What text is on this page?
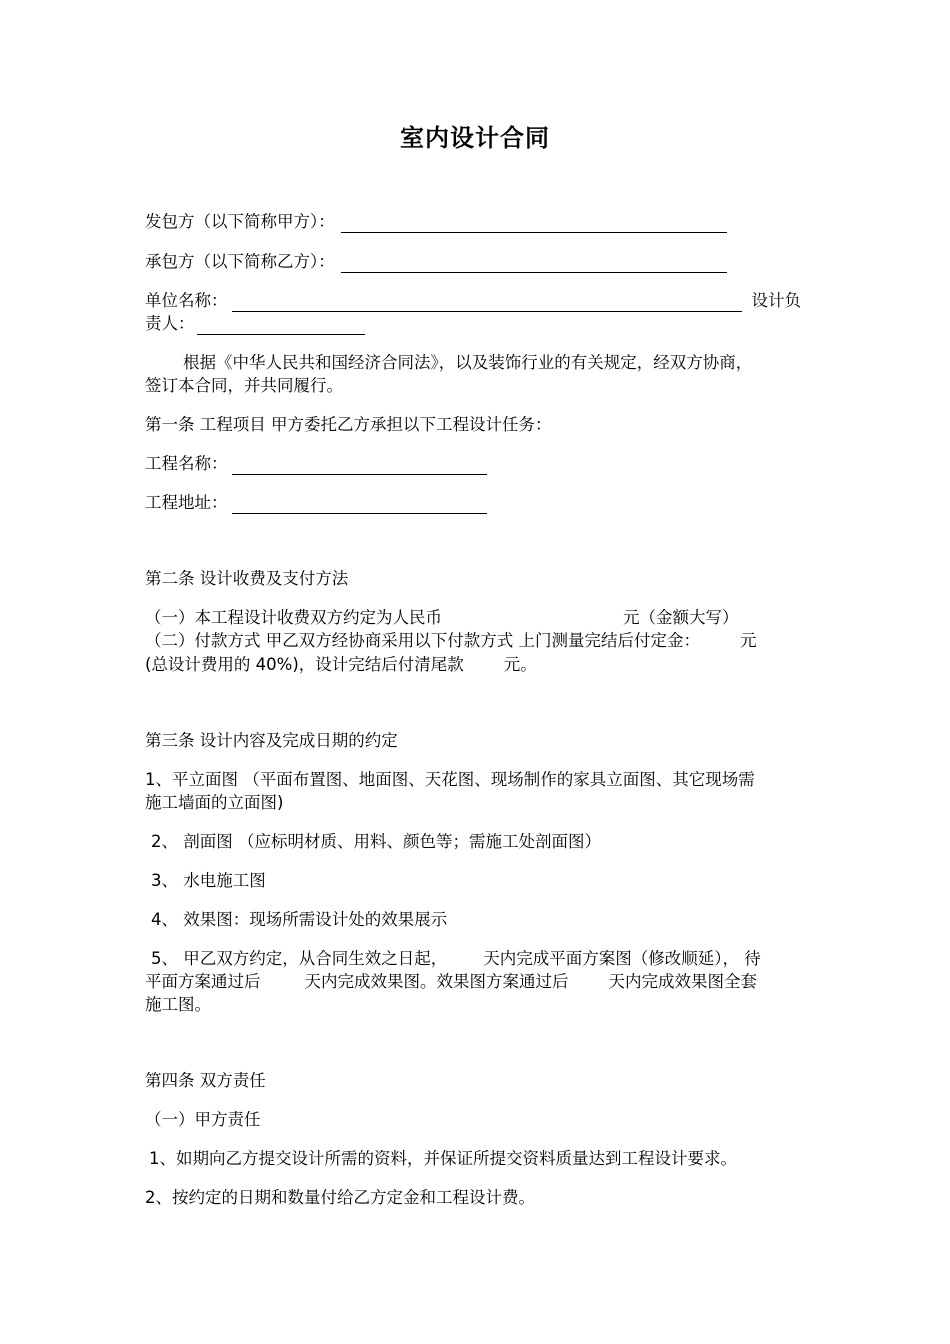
室内设计合同
发包方（以下简称甲方）：
承包方（以下简称乙方）：
单位名称：	设计负
责人：
根据《中华人民共和国经济合同法》，以及装饰行业的有关规定，经双方协商，
签订本合同，并共同履行。
第一条 工程项目 甲方委托乙方承担以下工程设计任务：
工程名称：
工程地址：
第二条 设计收费及支付方法
（一）本工程设计收费双方约定为人民币	元（金额大写）
（二）付款方式 甲乙双方经协商采用以下付款方式 上门测量完结后付定金： 元
(总设计费用的 40%)，设计完结后付清尾款 元。
第三条 设计内容及完成日期的约定
1、平立面图 （平面布置图、地面图、天花图、现场制作的家具立面图、其它现场需
施工墙面的立面图)
2、 剖面图 （应标明材质、用料、颜色等；需施工处剖面图）
3、 水电施工图
4、 效果图：现场所需设计处的效果展示
5、 甲乙双方约定，从合同生效之日起， 天内完成平面方案图（修改顺延）， 待
平面方案通过后	天内完成效果图。效果图方案通过后 天内完成效果图全套
施工图。
第四条 双方责任
（一）甲方责任
1、如期向乙方提交设计所需的资料，并保证所提交资料质量达到工程设计要求。
2、按约定的日期和数量付给乙方定金和工程设计费。
